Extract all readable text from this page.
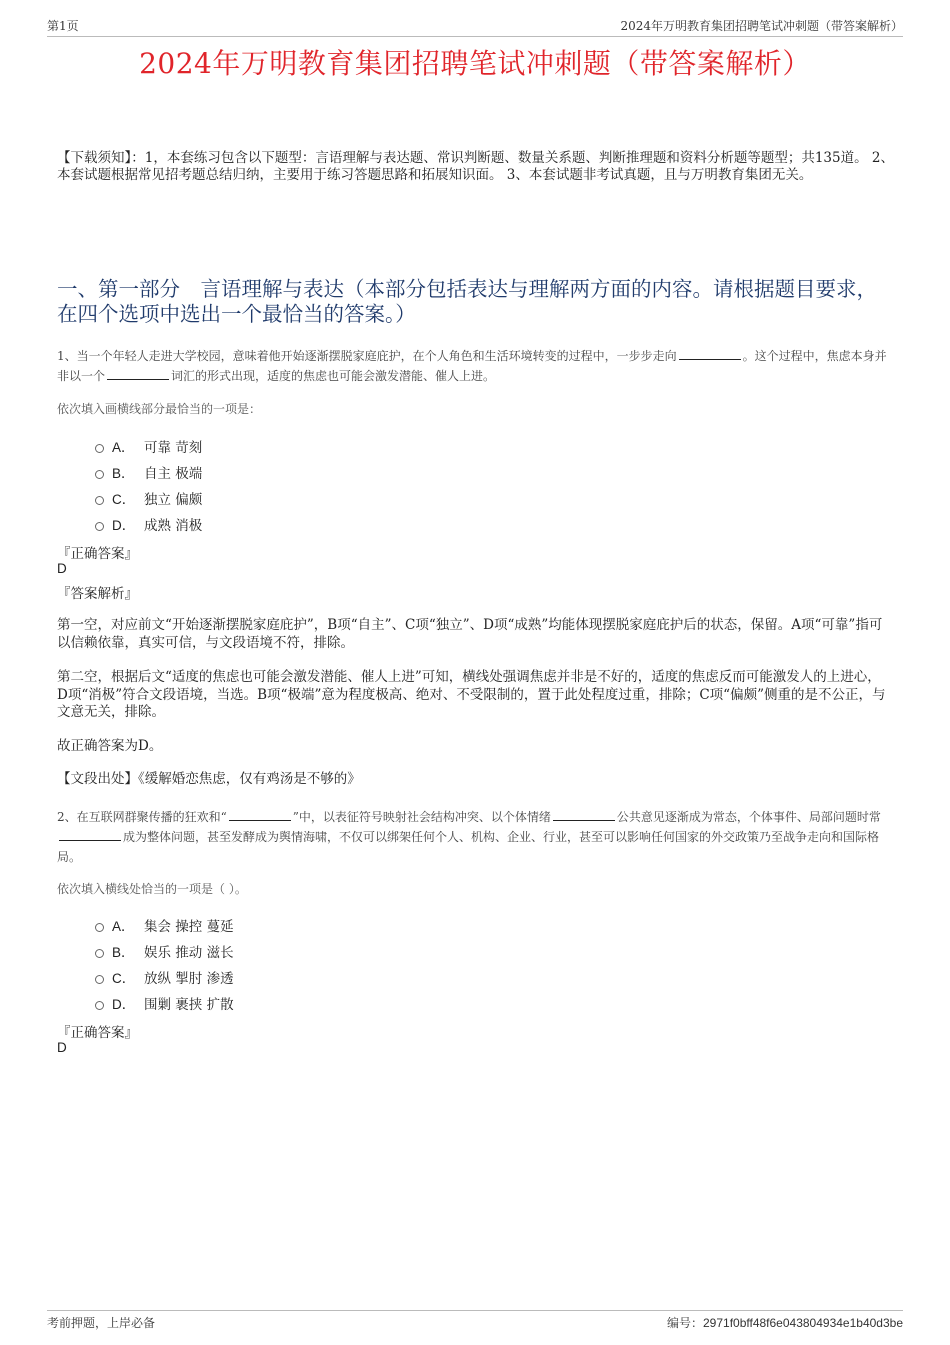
第1页	2024年万明教育集团招聘笔试冲刺题（带答案解析）
2024年万明教育集团招聘笔试冲刺题（带答案解析）
【下载须知】：1，本套练习包含以下题型：言语理解与表达题、常识判断题、数量关系题、判断推理题和资料分析题等题型；共135道。 2、本套试题根据常见招考题总结归纳，主要用于练习答题思路和拓展知识面。 3、本套试题非考试真题，且与万明教育集团无关。
一、第一部分　言语理解与表达（本部分包括表达与理解两方面的内容。请根据题目要求，在四个选项中选出一个最恰当的答案。）
1、当一个年轻人走进大学校园，意味着他开始逐渐摆脱家庭庇护，在个人角色和生活环境转变的过程中，一步步走向	。这个过程中，焦虑本身并非以一个	词汇的形式出现，适度的焦虑也可能会激发潜能、催人上进。
依次填入画横线部分最恰当的一项是：
A． 可靠 苛刻
B． 自主 极端
C． 独立 偏颇
D． 成熟 消极
『正确答案』
D
『答案解析』
第一空，对应前文“开始逐渐摆脱家庭庇护”，B项“自主”、C项“独立”、D项“成熟”均能体现摆脱家庭庇护后的状态，保留。A项“可靠”指可以信赖依靠，真实可信，与文段语境不符，排除。
第二空，根据后文“适度的焦虑也可能会激发潜能、催人上进”可知，横线处强调焦虑并非是不好的，适度的焦虑反而可能激发人的上进心，D项“消极”符合文段语境，当选。B项“极端”意为程度极高、绝对、不受限制的，置于此处程度过重，排除；C项“偏颇”侧重的是不公正，与文意无关，排除。
故正确答案为D。
【文段出处】《缓解婚恋焦虑，仅有鸡汤是不够的》
2、在互联网群聚传播的狂欢和“	”中，以表征符号映射社会结构冲突、以个体情绪	公共意见逐渐成为常态，个体事件、局部问题时常成为整体问题，甚至发酵成为舆情海啸，不仅可以绑架任何个人、机构、企业、行业，甚至可以影响任何国家的外交政策乃至战争走向和国际格局。
依次填入横线处恰当的一项是（ ）。
A． 集会 操控 蔓延
B． 娱乐 推动 滋长
C． 放纵 掣肘 渗透
D． 围剿 裹挟 扩散
『正确答案』
D
考前押题，上岸必备	编号：2971f0bff48f6e043804934e1b40d3be
